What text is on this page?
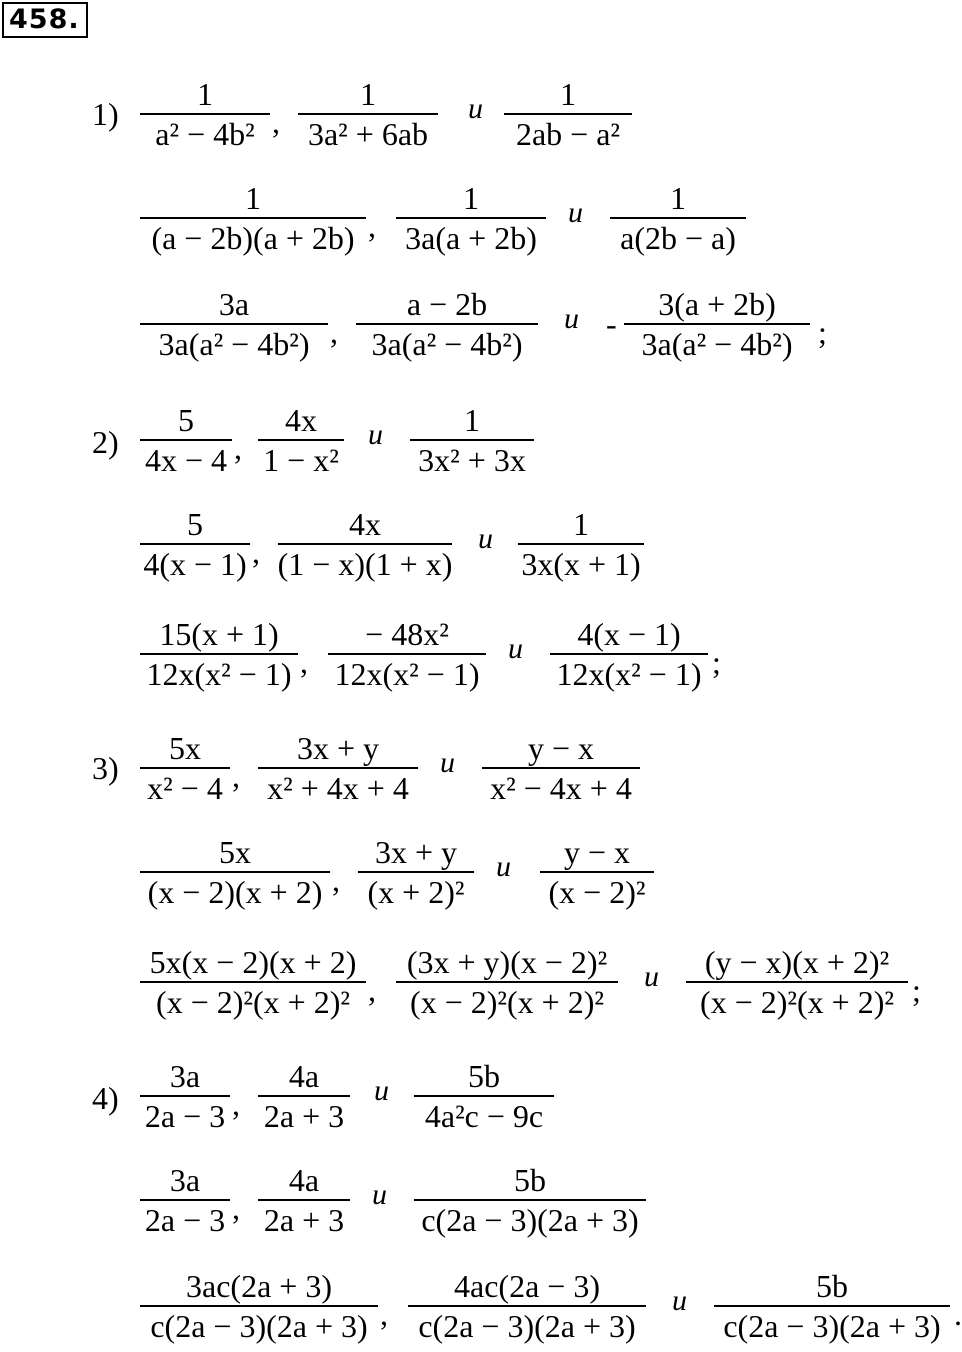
458.
1)
1
a² − 4b² ,
1
3a² + 6ab
и 1
2ab − a²
1
(a − 2b)(a + 2b) ,
1
3a(a + 2b)
и	1
a(2b − a)
3a
3a(a² − 4b²) ,
a − 2b
3a(a² − 4b²)
и -
3(a + 2b)
3a(a² − 4b²) ;
2)
5
4x − 4 ,
4x
1 − x²
и	1
3x² + 3x
5
4(x − 1) ,
4x
(1 − x)(1 + x)
и	1
3x(x + 1)
15(x + 1)
12x(x² − 1) ,
− 48x²
12x(x² − 1)
и 4(x − 1)
12x(x² − 1) ;
3)
5x
x² − 4 ,
3x + y
x² + 4x + 4
и y − x
x² − 4x + 4
5x
(x − 2)(x + 2) ,
3x + y
(x + 2)²
и y − x
(x − 2)²
5x(x − 2)(x + 2)
(x − 2)²(x + 2)² ,
(3x + y)(x − 2)²
(x − 2)²(x + 2)²
и (y − x)(x + 2)²
(x − 2)²(x + 2)² ;
4)
3a
2a − 3 ,
4a
2a + 3
и 5b
4a²c − 9c
3a
2a − 3 ,
4a
2a + 3
и	5b
c(2a − 3)(2a + 3)
3ac(2a + 3)
c(2a − 3)(2a + 3) ,
4ac(2a − 3)
c(2a − 3)(2a + 3)
и	5b
c(2a − 3)(2a + 3) .
